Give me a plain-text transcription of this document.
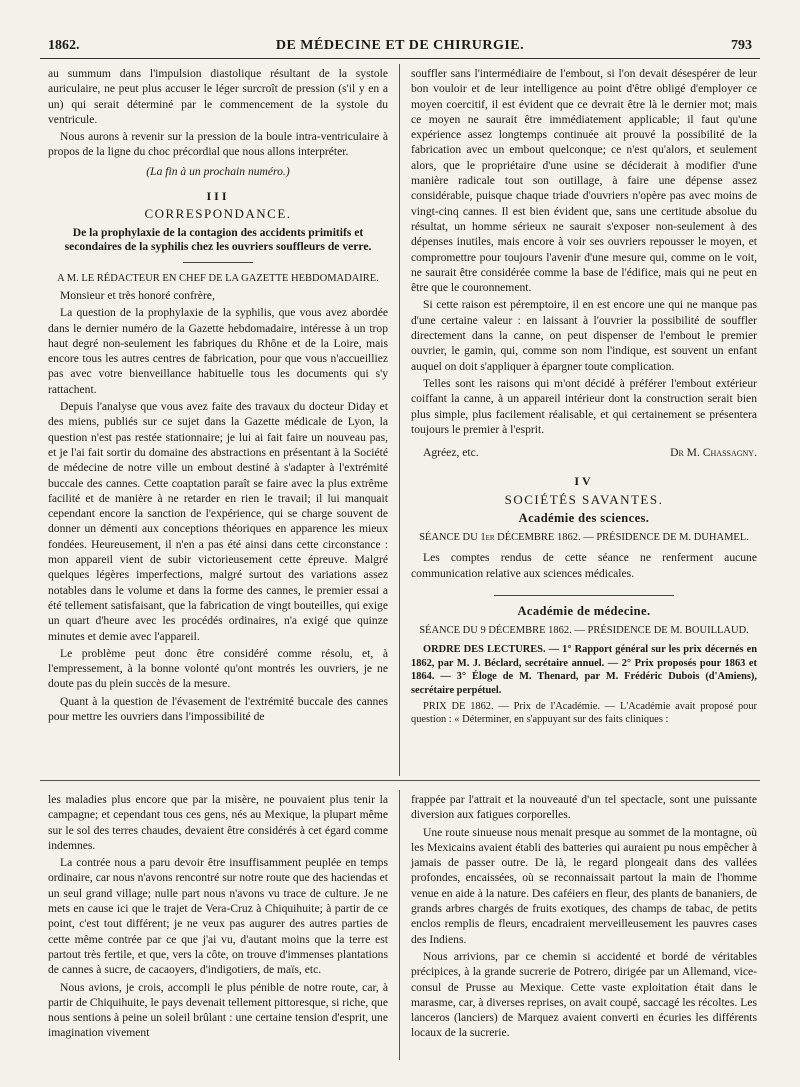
1862.	DE MÉDECINE ET DE CHIRURGIE.	793

au summum dans l'impulsion diastolique résultant de la systole auriculaire, ne peut plus accuser le léger surcroît de pression (s'il y en a un) qui serait déterminé par le commencement de la systole du ventricule.

Nous aurons à revenir sur la pression de la boule intra-ventriculaire à propos de la ligne du choc précordial que nous allons interpréter.

(La fin à un prochain numéro.)

III
CORRESPONDANCE.
De la prophylaxie de la contagion des accidents primitifs et secondaires de la syphilis chez les ouvriers souffleurs de verre.

A M. LE RÉDACTEUR EN CHEF DE LA GAZETTE HEBDOMADAIRE.

Monsieur et très honoré confrère,

La question de la prophylaxie de la syphilis, que vous avez abordée dans le dernier numéro de la Gazette hebdomadaire, intéresse à un trop haut degré non-seulement les fabriques du Rhône et de la Loire, mais encore tous les autres centres de fabrication, pour que vous n'accueilliez pas avec votre bienveillance habituelle tous les documents qui s'y rattachent.

Depuis l'analyse que vous avez faite des travaux du docteur Diday et des miens, publiés sur ce sujet dans la Gazette médicale de Lyon, la question n'est pas restée stationnaire; je lui ai fait faire un nouveau pas, et je l'ai fait sortir du domaine des abstractions en présentant à la Société de médecine de notre ville un embout destiné à s'adapter à l'extrémité buccale des cannes. Cette coaptation paraît se faire avec la plus extrême facilité et de manière à ne retarder en rien le travail; il lui manquait cependant encore la sanction de l'expérience, qui se charge souvent de donner un démenti aux conceptions théoriques en apparence les mieux fondées. Heureusement, il n'en a pas été ainsi dans cette circonstance : mon appareil vient de subir victorieusement cette épreuve. Malgré quelques légères imperfections, malgré surtout des variations assez notables dans le volume et dans la forme des cannes, le premier essai a été tellement satisfaisant, que la fabrication de vingt bouteilles, qui exige un quart d'heure avec les procédés ordinaires, n'a exigé que quinze minutes et demie avec l'appareil.

Le problème peut donc être considéré comme résolu, et, à l'empressement, à la bonne volonté qu'ont montrés les ouvriers, je ne doute pas du plein succès de la mesure.

Quant à la question de l'évasement de l'extrémité buccale des cannes pour mettre les ouvriers dans l'impossibilité de

souffler sans l'intermédiaire de l'embout, si l'on devait désespérer de leur bon vouloir et de leur intelligence au point d'être obligé d'employer ce moyen coercitif, il est évident que ce devrait être là le dernier mot; mais ce moyen ne saurait être immédiatement applicable; il faut qu'une expérience assez longtemps continuée ait prouvé la possibilité de la fabrication avec un embout quelconque; ce n'est qu'alors, et seulement alors, que le propriétaire d'une usine se déciderait à modifier d'une manière radicale tout son outillage, à faire une dépense assez considérable, puisque chaque triade d'ouvriers n'opère pas avec moins de vingt-cinq cannes. Il est bien évident que, sans une certitude absolue du résultat, un homme sérieux ne saurait s'exposer non-seulement à des dépenses inutiles, mais encore à voir ses ouvriers repousser le moyen, et compromettre pour toujours l'avenir d'une mesure qui, comme on le voit, ne saurait être considérée comme la base de l'édifice, mais qui ne peut en être que le couronnement.

Si cette raison est péremptoire, il en est encore une qui ne manque pas d'une certaine valeur : en laissant à l'ouvrier la possibilité de souffler directement dans la canne, on peut dispenser de l'embout le premier ouvrier, le gamin, qui, comme son nom l'indique, est souvent un enfant auquel on doit s'appliquer à épargner toute complication.

Telles sont les raisons qui m'ont décidé à préférer l'embout extérieur coiffant la canne, à un appareil intérieur dont la construction serait bien plus simple, plus facilement réalisable, et qui certainement se présentera toujours le premier à l'esprit.

Agréez, etc.	Dr M. Chassagny.
IV
SOCIÉTÉS SAVANTES.
Académie des sciences.

SÉANCE DU 1er DÉCEMBRE 1862. — PRÉSIDENCE DE M. DUHAMEL.

Les comptes rendus de cette séance ne renferment aucune communication relative aux sciences médicales.

Académie de médecine.

SÉANCE DU 9 DÉCEMBRE 1862. — PRÉSIDENCE DE M. BOUILLAUD.

ORDRE DES LECTURES. — 1° Rapport général sur les prix décernés en 1862, par M. J. Béclard, secrétaire annuel. — 2° Prix proposés pour 1863 et 1864. — 3° Éloge de M. Thenard, par M. Frédéric Dubois (d'Amiens), secrétaire perpétuel.

PRIX DE 1862. — Prix de l'Académie. — L'Académie avait proposé pour question : « Déterminer, en s'appuyant sur des faits cliniques :

les maladies plus encore que par la misère, ne pouvaient plus tenir la campagne; et cependant tous ces gens, nés au Mexique, la plupart même sur le sol des terres chaudes, devaient être considérés à cet égard comme indemnes.

La contrée nous a paru devoir être insuffisamment peuplée en temps ordinaire, car nous n'avons rencontré sur notre route que des haciendas et un seul grand village; nulle part nous n'avons vu trace de culture. Je ne mets en cause ici que le trajet de Vera-Cruz à Chiquihuite; à partir de ce point, c'est tout différent; je ne veux pas augurer des autres parties de cette même contrée par ce que j'ai vu, d'autant moins que la terre est partout très fertile, et que, vers la côte, on trouve d'immenses plantations de cannes à sucre, de cacaoyers, d'indigotiers, de maïs, etc.

Nous avions, je crois, accompli le plus pénible de notre route, car, à partir de Chiquihuite, le pays devenait tellement pittoresque, si riche, que nous sentions à peine un soleil brûlant : une certaine tension d'esprit, une imagination vivement

frappée par l'attrait et la nouveauté d'un tel spectacle, sont une puissante diversion aux fatigues corporelles.

Une route sinueuse nous menait presque au sommet de la montagne, où les Mexicains avaient établi des batteries qui auraient pu nous empêcher à jamais de passer outre. De là, le regard plongeait dans des vallées profondes, encaissées, où se reconnaissait partout la main de l'homme venue en aide à la nature. Des caféiers en fleur, des plants de bananiers, de grands arbres chargés de fruits exotiques, des champs de tabac, de petits enclos remplis de fleurs, encadraient merveilleusement les pauvres cases des Indiens.

Nous arrivions, par ce chemin si accidenté et bordé de véritables précipices, à la grande sucrerie de Potrero, dirigée par un Allemand, vice-consul de Prusse au Mexique. Cette vaste exploitation était dans le marasme, car, à diverses reprises, on avait coupé, saccagé les récoltes. Les lanceros (lanciers) de Marquez avaient converti en écuries les différents locaux de la sucrerie.
